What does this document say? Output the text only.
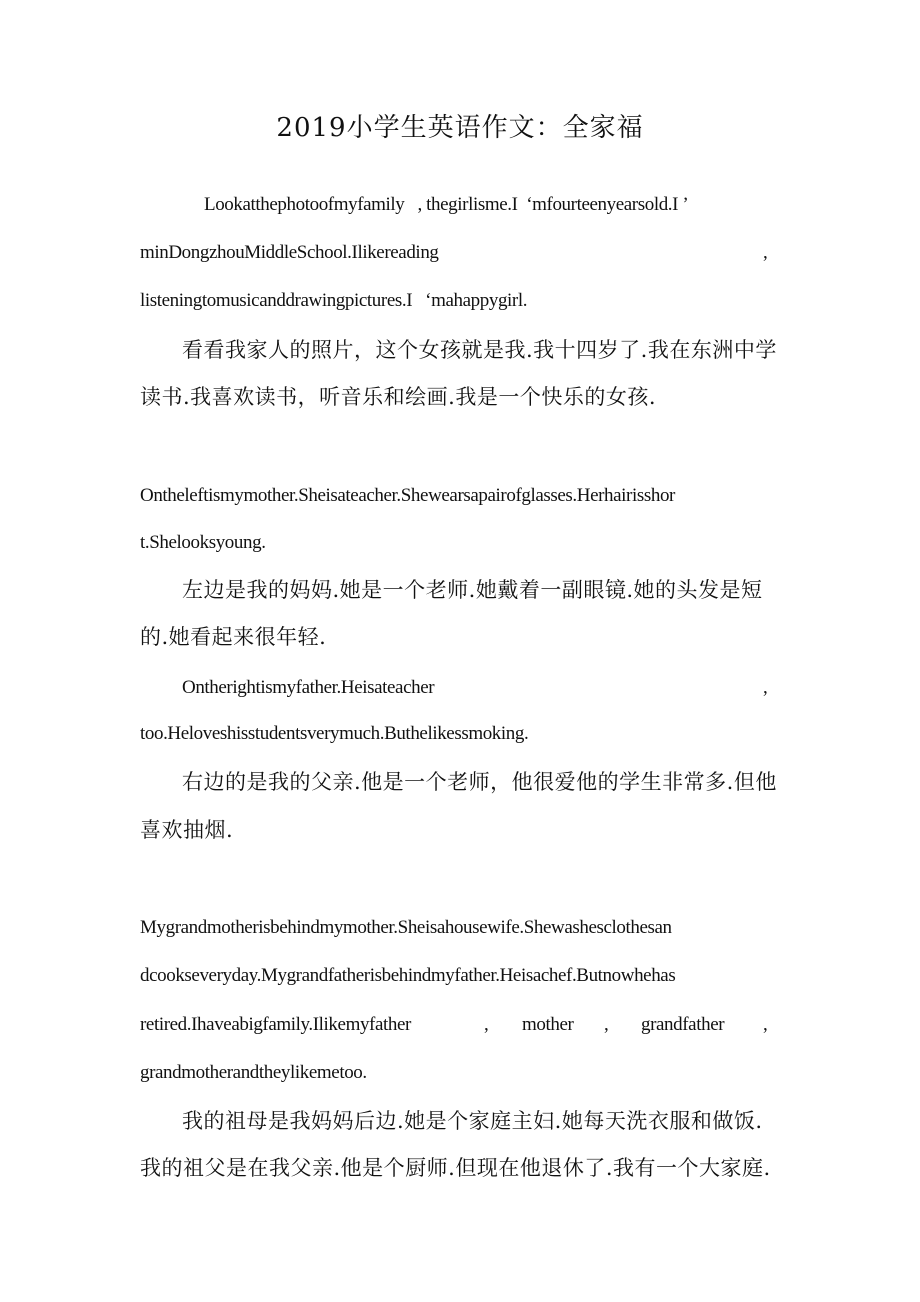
2019小学生英语作文：全家福
Lookatthephotoofmyfamily   , thegirlisme.I  ‘mfourteenyearsold.I ’
minDongzhouMiddleSchool.Ilikereading	,
listeningtomusicanddrawingpictures.I   ‘mahappygirl.
看看我家人的照片，这个女孩就是我.我十四岁了.我在东洲中学
读书.我喜欢读书，听音乐和绘画.我是一个快乐的女孩.
Ontheleftismymother.Sheisateacher.Shewearsapairofglasses.Herhairisshor
t.Shelooksyoung.
左边是我的妈妈.她是一个老师.她戴着一副眼镜.她的头发是短
的.她看起来很年轻.
Ontherightismyfather.Heisateacher	,
too.Heloveshisstudentsverymuch.Buthelikessmoking.
右边的是我的父亲.他是一个老师，他很爱他的学生非常多.但他
喜欢抽烟.
Mygrandmotherisbehindmymother.Sheisahousewife.Shewashesclothesan
dcookseveryday.Mygrandfatherisbehindmyfather.Heisachef.Butnowhehas
retired.Ihaveabigfamily.Ilikemyfather	, mother , grandfather ,
grandmotherandtheylikemetoo.
我的祖母是我妈妈后边.她是个家庭主妇.她每天洗衣服和做饭.
我的祖父是在我父亲.他是个厨师.但现在他退休了.我有一个大家庭.
